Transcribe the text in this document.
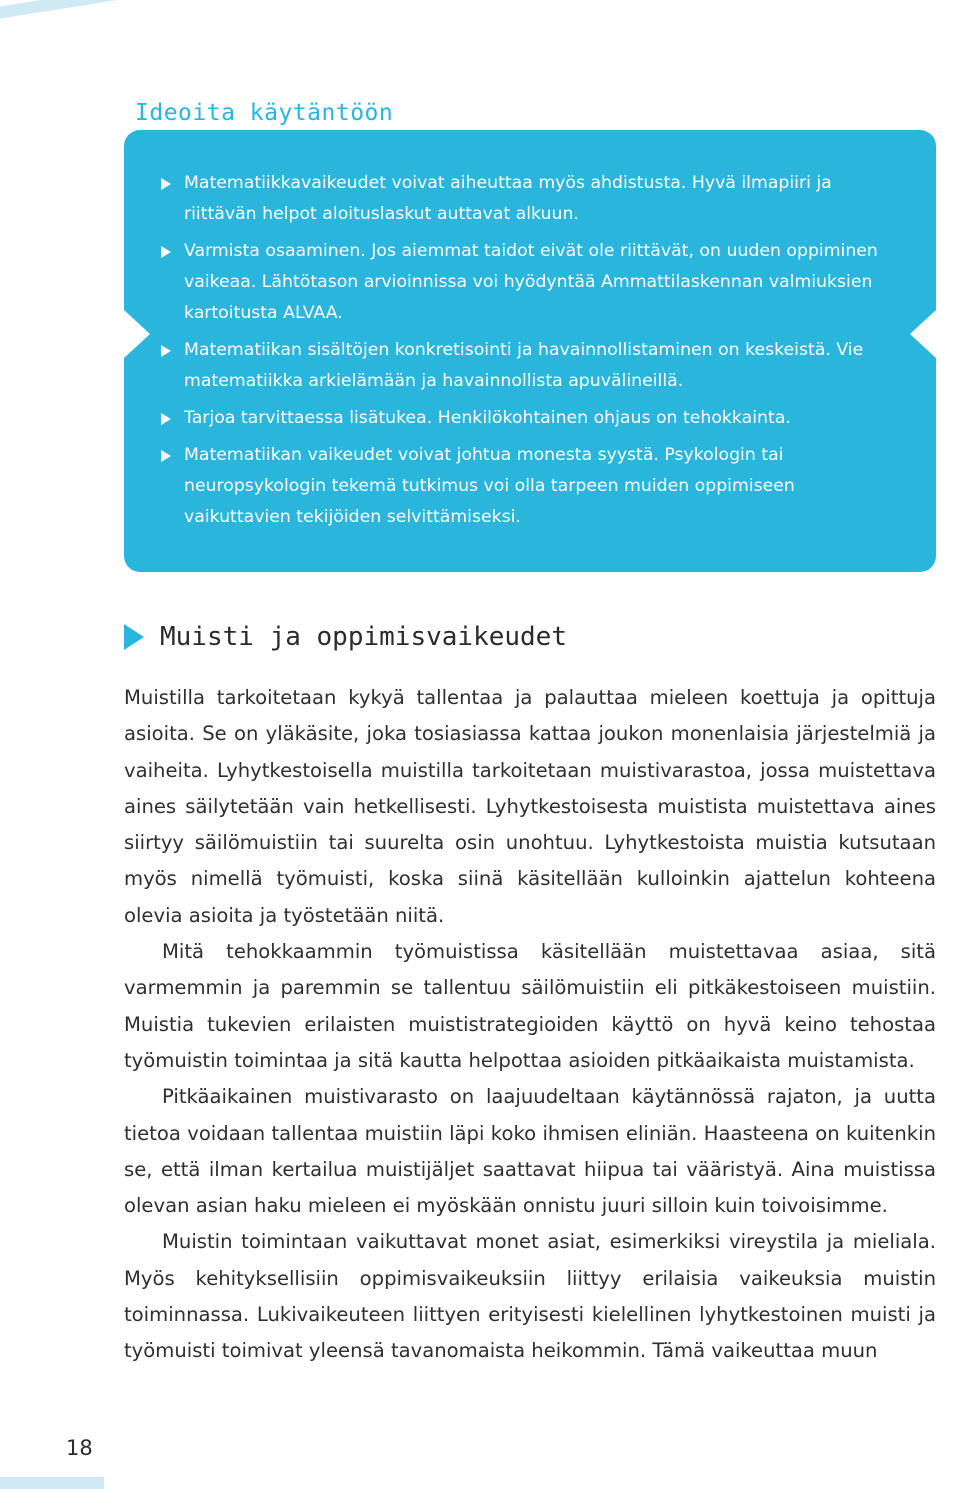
Ideoita käytäntöön
Matematiikkavaikeudet voivat aiheuttaa myös ahdistusta. Hyvä ilmapiiri ja riittävän helpot aloituslaskut auttavat alkuun.
Varmista osaaminen. Jos aiemmat taidot eivät ole riittävät, on uuden oppiminen vaikeaa. Lähtötason arvioinnissa voi hyödyntää Ammattilaskennan valmiuksien kartoitusta ALVAA.
Matematiikan sisältöjen konkretisointi ja havainnollistaminen on keskeistä. Vie matematiikka arkielämään ja havainnollista apuvälineillä.
Tarjoa tarvittaessa lisätukea. Henkilökohtainen ohjaus on tehokkainta.
Matematiikan vaikeudet voivat johtua monesta syystä. Psykologin tai neuropsykologin tekemä tutkimus voi olla tarpeen muiden oppimiseen vaikuttavien tekijöiden selvittämiseksi.
Muisti ja oppimisvaikeudet

Muistilla tarkoitetaan kykyä tallentaa ja palauttaa mieleen koettuja ja opittuja asioita. Se on yläkäsite, joka tosiasiassa kattaa joukon monenlaisia järjestelmiä ja vaiheita. Lyhytkestoisella muistilla tarkoitetaan muistivarastoa, jossa muistettava aines säilytetään vain hetkellisesti. Lyhytkestoisesta muistista muistettava aines siirtyy säilömuistiin tai suurelta osin unohtuu. Lyhytkestoista muistia kutsutaan myös nimellä työmuisti, koska siinä käsitellään kulloinkin ajattelun kohteena olevia asioita ja työstetään niitä.

Mitä tehokkaammin työmuistissa käsitellään muistettavaa asiaa, sitä varmemmin ja paremmin se tallentuu säilömuistiin eli pitkäkestoiseen muistiin. Muistia tukevien erilaisten muististrategioiden käyttö on hyvä keino tehostaa työmuistin toimintaa ja sitä kautta helpottaa asioiden pitkäaikaista muistamista.

Pitkäaikainen muistivarasto on laajuudeltaan käytännössä rajaton, ja uutta tietoa voidaan tallentaa muistiin läpi koko ihmisen eliniän. Haasteena on kuitenkin se, että ilman kertailua muistijäljet saattavat hiipua tai vääristyä. Aina muistissa olevan asian haku mieleen ei myöskään onnistu juuri silloin kuin toivoisimme.

Muistin toimintaan vaikuttavat monet asiat, esimerkiksi vireystila ja mieliala. Myös kehityksellisiin oppimisvaikeuksiin liittyy erilaisia vaikeuksia muistin toiminnassa. Lukivaikeuteen liittyen erityisesti kielellinen lyhytkestoinen muisti ja työmuisti toimivat yleensä tavanomaista heikommin. Tämä vaikeuttaa muun

18
